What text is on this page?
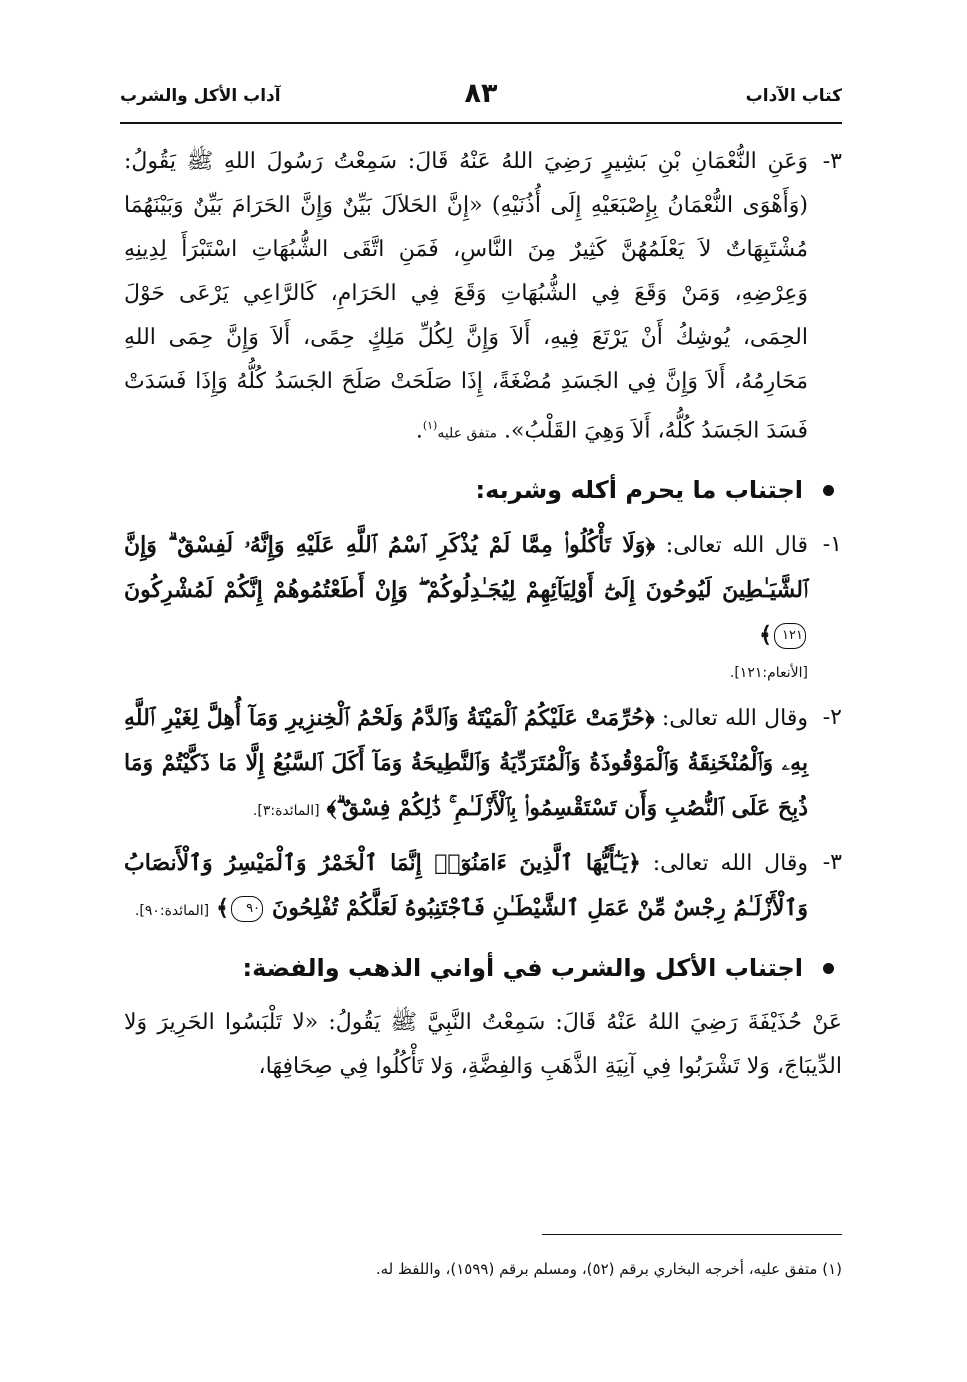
كتاب الآداب
٨٣
آداب الأكل والشرب

٣-
وَعَنِ النُّعْمَانِ بْنِ بَشِيرٍ رَضِيَ اللهُ عَنْهُ قَالَ: سَمِعْتُ رَسُولَ اللهِ ﷺ يَقُولُ: (وَأَهْوَى النُّعْمَانُ بِإِصْبَعَيْهِ إِلَى أُذُنَيْهِ) «إِنَّ الحَلاَلَ بَيِّنٌ وَإِنَّ الحَرَامَ بَيِّنٌ وَبَيْنَهُمَا مُشْتَبِهَاتٌ لاَ يَعْلَمُهُنَّ كَثِيرٌ مِنَ النَّاسِ، فَمَنِ اتَّقَى الشُّبُهَاتِ اسْتَبْرَأَ لِدِينِهِ وَعِرْضِهِ، وَمَنْ وَقَعَ فِي الشُّبُهَاتِ وَقَعَ فِي الحَرَامِ، كَالرَّاعِي يَرْعَى حَوْلَ الحِمَى، يُوشِكُ أَنْ يَرْتَعَ فِيهِ، أَلاَ وَإِنَّ لِكُلِّ مَلِكٍ حِمًى، أَلاَ وَإِنَّ حِمَى اللهِ مَحَارِمُهُ، أَلاَ وَإِنَّ فِي الجَسَدِ مُضْغَةً، إِذَا صَلَحَتْ صَلَحَ الجَسَدُ كُلُّهُ وَإِذَا فَسَدَتْ فَسَدَ الجَسَدُ كُلُّهُ، أَلاَ وَهِيَ القَلْبُ». متفق عليه$^{(١)}$.

اجتناب ما يحرم أكله وشربه:

١-
قال الله تعالى: ﴿وَلَا تَأْكُلُوا۟ مِمَّا لَمْ يُذْكَرِ ٱسْمُ ٱللَّهِ عَلَيْهِ وَإِنَّهُۥ لَفِسْقٌ ۗ وَإِنَّ ٱلشَّيَـٰطِينَ لَيُوحُونَ إِلَىٰٓ أَوْلِيَآئِهِمْ لِيُجَـٰدِلُوكُمْ ۖ وَإِنْ أَطَعْتُمُوهُمْ إِنَّكُمْ لَمُشْرِكُونَ ١٢١﴾

[الأنعام:١٢١].

٢-
وقال الله تعالى: ﴿حُرِّمَتْ عَلَيْكُمُ ٱلْمَيْتَةُ وَٱلدَّمُ وَلَحْمُ ٱلْخِنزِيرِ وَمَآ أُهِلَّ لِغَيْرِ ٱللَّهِ بِهِۦ وَٱلْمُنْخَنِقَةُ وَٱلْمَوْقُوذَةُ وَٱلْمُتَرَدِّيَةُ وَٱلنَّطِيحَةُ وَمَآ أَكَلَ ٱلسَّبُعُ إِلَّا مَا ذَكَّيْتُمْ وَمَا ذُبِحَ عَلَى ٱلنُّصُبِ وَأَن تَسْتَقْسِمُوا۟ بِٱلْأَزْلَـٰمِ ۚ ذَٰلِكُمْ فِسْقٌ ۗ﴾ [المائدة:٣].

٣-
وقال الله تعالى: ﴿يَـٰٓأَيُّهَا ٱلَّذِينَ ءَامَنُوٓا۟ إِنَّمَا ٱلْخَمْرُ وَٱلْمَيْسِرُ وَٱلْأَنصَابُ وَٱلْأَزْلَـٰمُ رِجْسٌ مِّنْ عَمَلِ ٱلشَّيْطَـٰنِ فَٱجْتَنِبُوهُ لَعَلَّكُمْ تُفْلِحُونَ ٩٠﴾ [المائدة:٩٠].

اجتناب الأكل والشرب في أواني الذهب والفضة:

عَنْ حُذَيْفَةَ رَضِيَ اللهُ عَنْهُ قَالَ: سَمِعْتُ النَّبِيَّ ﷺ يَقُولُ: «لا تَلْبَسُوا الحَرِيرَ وَلا الدِّيبَاجَ، وَلا تَشْرَبُوا فِي آنِيَةِ الذَّهَبِ وَالفِضَّةِ، وَلا تَأْكُلُوا فِي صِحَافِهَا،

(١) متفق عليه، أخرجه البخاري برقم (٥٢)، ومسلم برقم (١٥٩٩)، واللفظ له.
